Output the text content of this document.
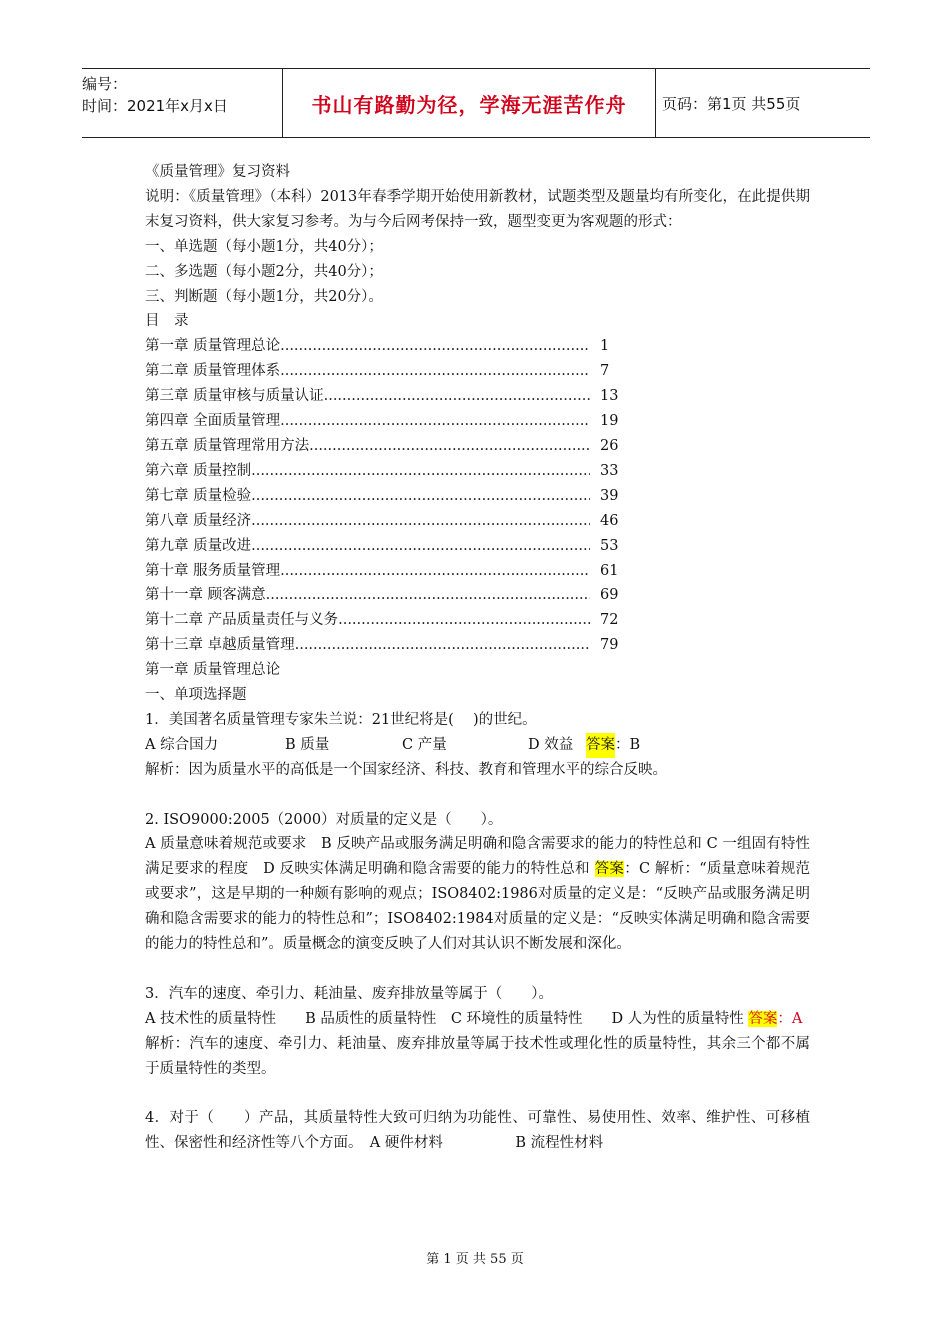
编号：
时间：2021年x月x日	书山有路勤为径，学海无涯苦作舟 页码：第1页 共55页
《质量管理》复习资料
说明：《质量管理》（本科）2013年春季学期开始使用新教材，试题类型及题量均有所变化，在此提供期末复习资料，供大家复习参考。为与今后网考保持一致，题型变更为客观题的形式：
一、单选题（每小题1分，共40分）；
二、多选题（每小题2分，共40分）；
三、判断题（每小题1分，共20分）。
目　录
第一章 质量管理总论 .....	1
第二章 质量管理体系 .....	7
第三章 质量审核与质量认证 .....	13
第四章 全面质量管理 .....	19
第五章 质量管理常用方法 .....	26
第六章 质量控制 .....	33
第七章 质量检验 .....	39
第八章 质量经济 .....	46
第九章 质量改进 .....	53
第十章 服务质量管理 .....	61
第十一章 顾客满意 .....	69
第十二章 产品质量责任与义务 .....	72
第十三章 卓越质量管理 .....	79
第一章 质量管理总论
一、单项选择题
1．美国著名质量管理专家朱兰说：21世纪将是(　 )的世纪。
A 综合国力	B 质量	C 产量	D 效益 答案：B
解析：因为质量水平的高低是一个国家经济、科技、教育和管理水平的综合反映。
2. ISO9000:2005（2000）对质量的定义是（　　）。
A 质量意味着规范或要求　B 反映产品或服务满足明确和隐含需要求的能力的特性总和 C 一组固有特性满足要求的程度　D 反映实体满足明确和隐含需要的能力的特性总和 答案：C 解析：“质量意味着规范或要求”，这是早期的一种颇有影响的观点；ISO8402:1986对质量的定义是：“反映产品或服务满足明确和隐含需要求的能力的特性总和”；ISO8402:1984对质量的定义是：“反映实体满足明确和隐含需要的能力的特性总和”。质量概念的演变反映了人们对其认识不断发展和深化。
3．汽车的速度、牵引力、耗油量、废弃排放量等属于（　　）。
A 技术性的质量特性　　B 品质性的质量特性　C 环境性的质量特性　　D 人为性的质量特性 答案：A
解析：汽车的速度、牵引力、耗油量、废弃排放量等属于技术性或理化性的质量特性，其余三个都不属于质量特性的类型。
4．对于（　　）产品，其质量特性大致可归纳为功能性、可靠性、易使用性、效率、维护性、可移植性、保密性和经济性等八个方面。　A 硬件材料　　　　　B 流程性材料
第 1 页 共 55 页
